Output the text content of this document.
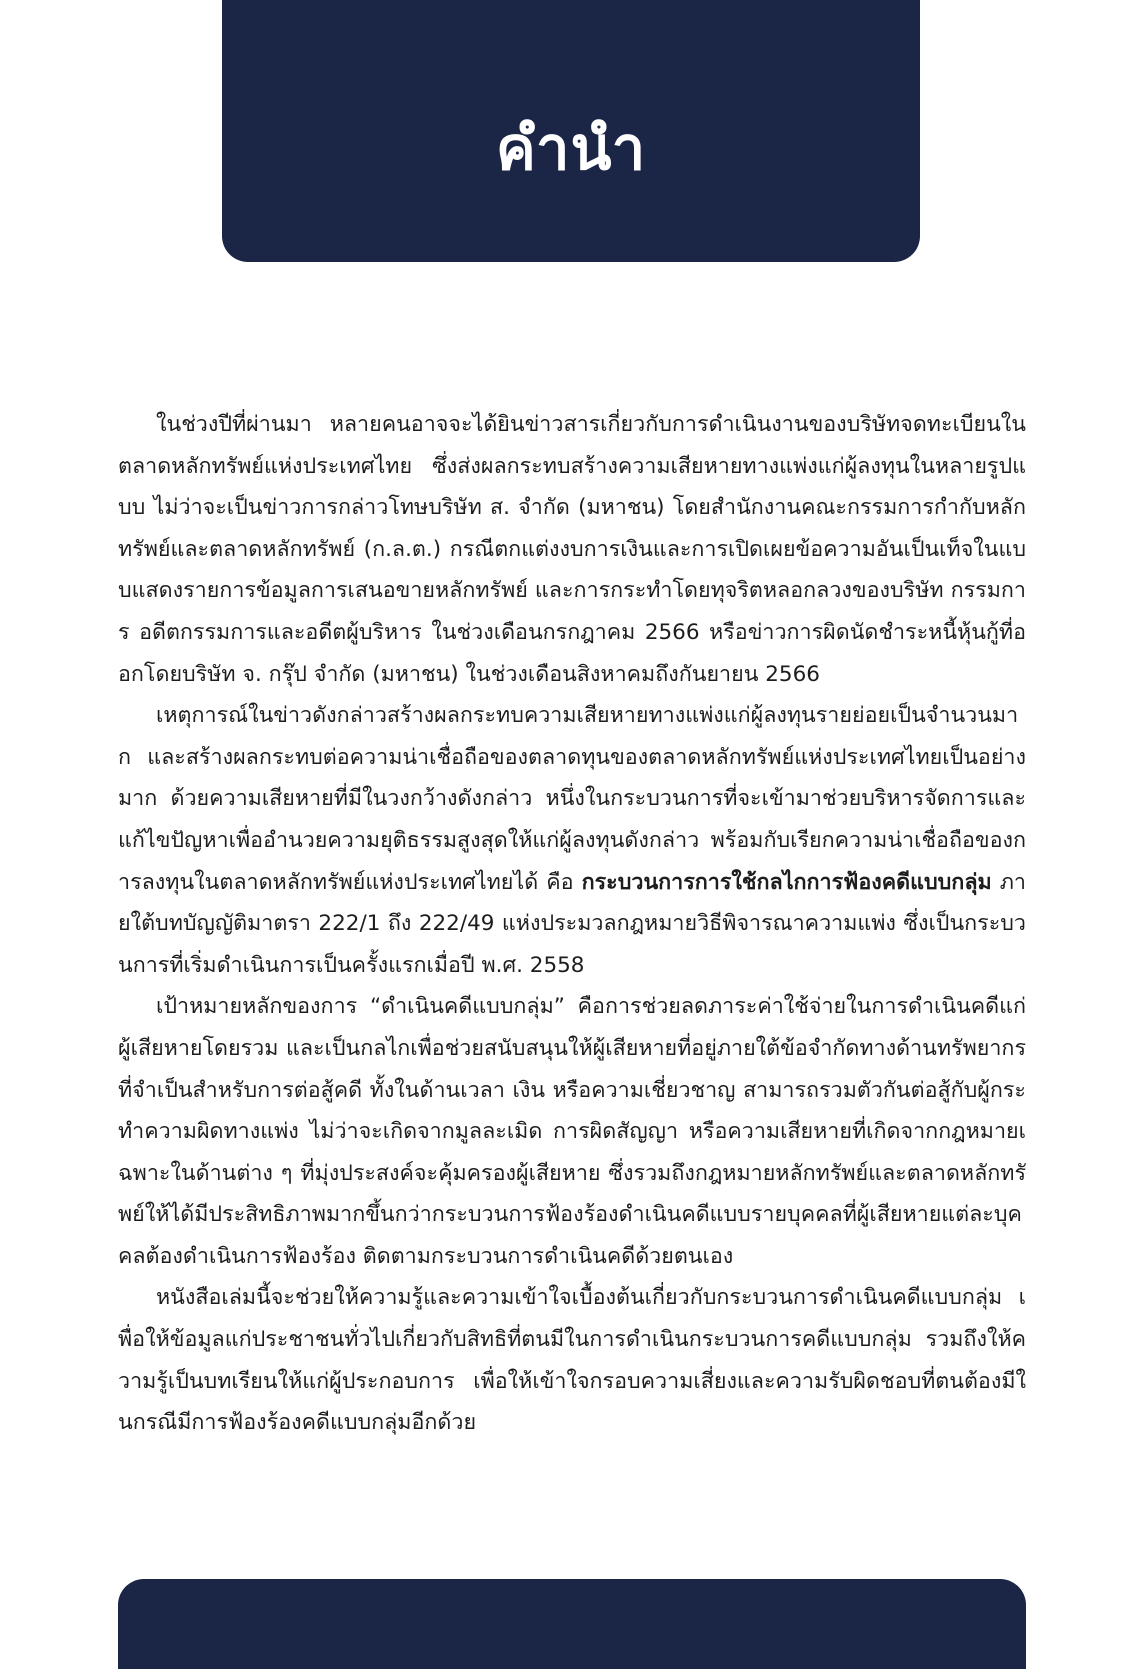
คำนำ

ในช่วงปีที่ผ่านมา หลายคนอาจจะได้ยินข่าวสารเกี่ยวกับการดำเนินงานของบริษัทจดทะเบียนในตลาดหลักทรัพย์แห่งประเทศไทย ซึ่งส่งผลกระทบสร้างความเสียหายทางแพ่งแก่ผู้ลงทุนในหลายรูปแบบ ไม่ว่าจะเป็นข่าวการกล่าวโทษบริษัท ส. จำกัด (มหาชน) โดยสำนักงานคณะกรรมการกำกับหลักทรัพย์และตลาดหลักทรัพย์ (ก.ล.ต.) กรณีตกแต่งงบการเงินและการเปิดเผยข้อความอันเป็นเท็จในแบบแสดงรายการข้อมูลการเสนอขายหลักทรัพย์ และการกระทำโดยทุจริตหลอกลวงของบริษัท กรรมการ อดีตกรรมการและอดีตผู้บริหาร ในช่วงเดือนกรกฎาคม 2566 หรือข่าวการผิดนัดชำระหนี้หุ้นกู้ที่ออกโดยบริษัท จ. กรุ๊ป จำกัด (มหาชน) ในช่วงเดือนสิงหาคมถึงกันยายน 2566

เหตุการณ์ในข่าวดังกล่าวสร้างผลกระทบความเสียหายทางแพ่งแก่ผู้ลงทุนรายย่อยเป็นจำนวนมาก และสร้างผลกระทบต่อความน่าเชื่อถือของตลาดทุนของตลาดหลักทรัพย์แห่งประเทศไทยเป็นอย่างมาก ด้วยความเสียหายที่มีในวงกว้างดังกล่าว หนึ่งในกระบวนการที่จะเข้ามาช่วยบริหารจัดการและแก้ไขปัญหาเพื่ออำนวยความยุติธรรมสูงสุดให้แก่ผู้ลงทุนดังกล่าว พร้อมกับเรียกความน่าเชื่อถือของการลงทุนในตลาดหลักทรัพย์แห่งประเทศไทยได้ คือ กระบวนการการใช้กลไกการฟ้องคดีแบบกลุ่ม ภายใต้บทบัญญัติมาตรา 222/1 ถึง 222/49 แห่งประมวลกฎหมายวิธีพิจารณาความแพ่ง ซึ่งเป็นกระบวนการที่เริ่มดำเนินการเป็นครั้งแรกเมื่อปี พ.ศ. 2558

เป้าหมายหลักของการ “ดำเนินคดีแบบกลุ่ม” คือการช่วยลดภาระค่าใช้จ่ายในการดำเนินคดีแก่ผู้เสียหายโดยรวม และเป็นกลไกเพื่อช่วยสนับสนุนให้ผู้เสียหายที่อยู่ภายใต้ข้อจำกัดทางด้านทรัพยากรที่จำเป็นสำหรับการต่อสู้คดี ทั้งในด้านเวลา เงิน หรือความเชี่ยวชาญ สามารถรวมตัวกันต่อสู้กับผู้กระทำความผิดทางแพ่ง ไม่ว่าจะเกิดจากมูลละเมิด การผิดสัญญา หรือความเสียหายที่เกิดจากกฎหมายเฉพาะในด้านต่าง ๆ ที่มุ่งประสงค์จะคุ้มครองผู้เสียหาย ซึ่งรวมถึงกฎหมายหลักทรัพย์และตลาดหลักทรัพย์ให้ได้มีประสิทธิภาพมากขึ้นกว่ากระบวนการฟ้องร้องดำเนินคดีแบบรายบุคคลที่ผู้เสียหายแต่ละบุคคลต้องดำเนินการฟ้องร้อง ติดตามกระบวนการดำเนินคดีด้วยตนเอง

หนังสือเล่มนี้จะช่วยให้ความรู้และความเข้าใจเบื้องต้นเกี่ยวกับกระบวนการดำเนินคดีแบบกลุ่ม เพื่อให้ข้อมูลแก่ประชาชนทั่วไปเกี่ยวกับสิทธิที่ตนมีในการดำเนินกระบวนการคดีแบบกลุ่ม รวมถึงให้ความรู้เป็นบทเรียนให้แก่ผู้ประกอบการ เพื่อให้เข้าใจกรอบความเสี่ยงและความรับผิดชอบที่ตนต้องมีในกรณีมีการฟ้องร้องคดีแบบกลุ่มอีกด้วย
